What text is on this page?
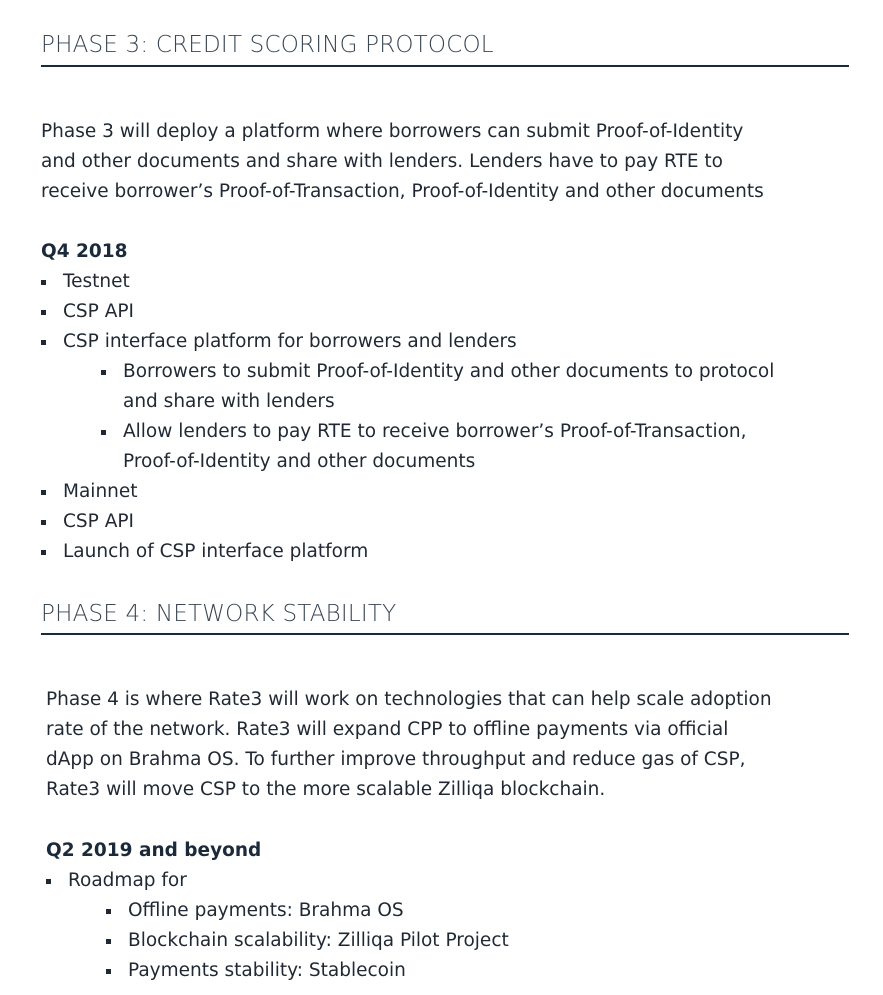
PHASE 3: CREDIT SCORING PROTOCOL

Phase 3 will deploy a platform where borrowers can submit Proof-of-Identity
and other documents and share with lenders. Lenders have to pay RTE to
receive borrower’s Proof-of-Transaction, Proof-of-Identity and other documents

Q4 2018
Testnet
CSP API
CSP interface platform for borrowers and lenders
Borrowers to submit Proof-of-Identity and other documents to protocol
and share with lenders
Allow lenders to pay RTE to receive borrower’s Proof-of-Transaction,
Proof-of-Identity and other documents
Mainnet
CSP API
Launch of CSP interface platform
PHASE 4: NETWORK STABILITY

Phase 4 is where Rate3 will work on technologies that can help scale adoption
rate of the network. Rate3 will expand CPP to offline payments via official
dApp on Brahma OS. To further improve throughput and reduce gas of CSP,
Rate3 will move CSP to the more scalable Zilliqa blockchain.

Q2 2019 and beyond
Roadmap for
Offline payments: Brahma OS
Blockchain scalability: Zilliqa Pilot Project
Payments stability: Stablecoin
